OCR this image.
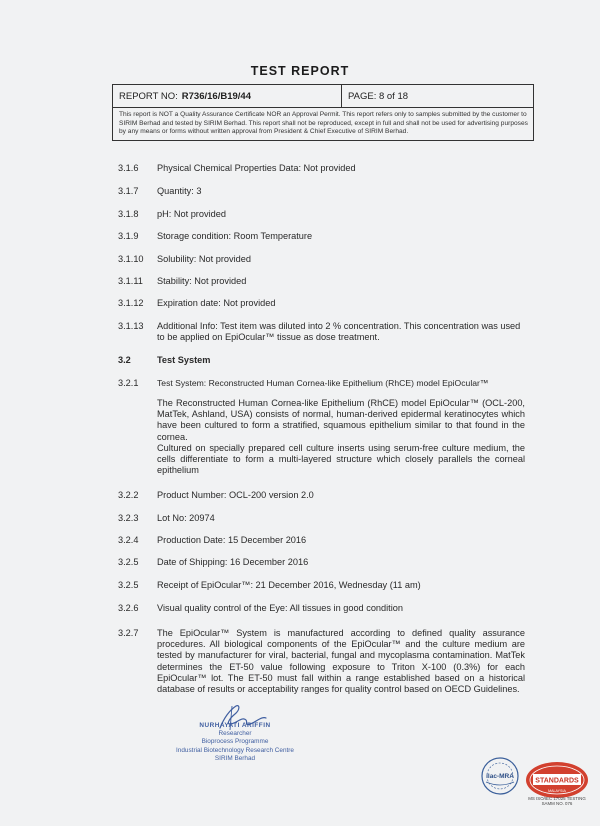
TEST REPORT
REPORT NO: R736/16/B19/44	PAGE: 8 of 18
This report is NOT a Quality Assurance Certificate NOR an Approval Permit. This report refers only to samples submitted by the customer to SIRIM Berhad and tested by SIRIM Berhad. This report shall not be reproduced, except in full and shall not be used for advertising purposes by any means or forms without written approval from President & Chief Executive of SIRIM Berhad.
3.1.6 Physical Chemical Properties Data: Not provided
3.1.7 Quantity: 3
3.1.8 pH: Not provided
3.1.9 Storage condition: Room Temperature
3.1.10 Solubility: Not provided
3.1.11 Stability: Not provided
3.1.12 Expiration date: Not provided
3.1.13 Additional Info: Test item was diluted into 2 % concentration. This concentration was used to be applied on EpiOcular™ tissue as dose treatment.
3.2	Test System
3.2.1 Test System: Reconstructed Human Cornea-like Epithelium (RhCE) model EpiOcular™
The Reconstructed Human Cornea-like Epithelium (RhCE) model EpiOcular™ (OCL-200, MatTek, Ashland, USA) consists of normal, human-derived epidermal keratinocytes which have been cultured to form a stratified, squamous epithelium similar to that found in the cornea.
Cultured on specially prepared cell culture inserts using serum-free culture medium, the cells differentiate to form a multi-layered structure which closely parallels the corneal epithelium
3.2.2 Product Number: OCL-200 version 2.0
3.2.3 Lot No: 20974
3.2.4 Production Date: 15 December 2016
3.2.5 Date of Shipping: 16 December 2016
3.2.5 Receipt of EpiOcular™: 21 December 2016, Wednesday (11 am)
3.2.6 Visual quality control of the Eye: All tissues in good condition
3.2.7 The EpiOcular™ System is manufactured according to defined quality assurance procedures. All biological components of the EpiOcular™ and the culture medium are tested by manufacturer for viral, bacterial, fungal and mycoplasma contamination. MatTek determines the ET-50 value following exposure to Triton X-100 (0.3%) for each EpiOcular™ lot. The ET-50 must fall within a range established based on a historical database of results or acceptability ranges for quality control based on OECD Guidelines.
NURHAYATI ARIFFIN
Researcher
Bioprocess Programme
Industrial Biotechnology Research Centre
SIRIM Berhad
ilac-MRA
STANDARDS
MALAYSIA
MS ISO/IEC 17025 TESTING SAMM NO. 076
